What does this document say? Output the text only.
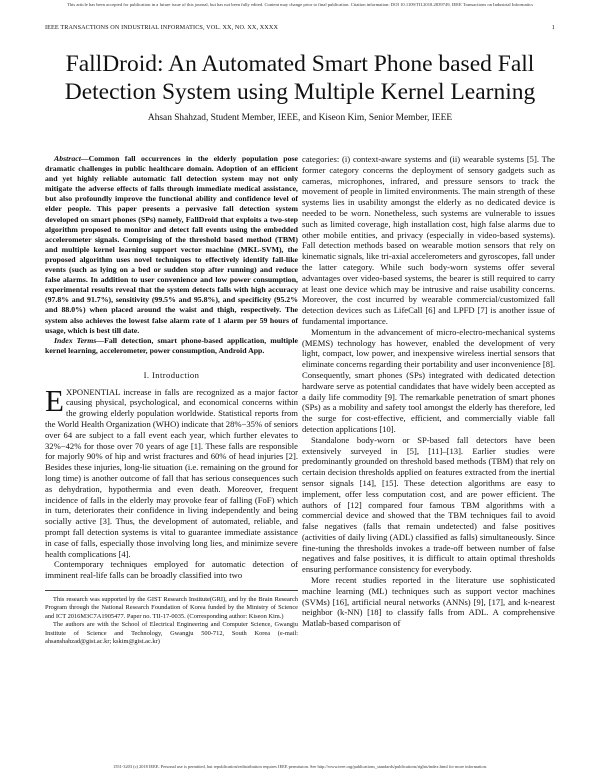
This article has been accepted for publication in a future issue of this journal, but has not been fully edited. Content may change prior to final publication. Citation information: DOI 10.1109/TII.2018.2839749, IEEE Transactions on Industrial Informatics
IEEE TRANSACTIONS ON INDUSTRIAL INFORMATICS, VOL. XX, NO. XX, XXXX	1
FallDroid: An Automated Smart Phone based Fall Detection System using Multiple Kernel Learning
Ahsan Shahzad, Student Member, IEEE, and Kiseon Kim, Senior Member, IEEE

Abstract—Common fall occurrences in the elderly population pose dramatic challenges in public healthcare domain. Adoption of an efficient and yet highly reliable automatic fall detection system may not only mitigate the adverse effects of falls through immediate medical assistance, but also profoundly improve the functional ability and confidence level of elder people. This paper presents a pervasive fall detection system developed on smart phones (SPs) namely, FallDroid that exploits a two-step algorithm proposed to monitor and detect fall events using the embedded accelerometer signals. Comprising of the threshold based method (TBM) and multiple kernel learning support vector machine (MKL-SVM), the proposed algorithm uses novel techniques to effectively identify fall-like events (such as lying on a bed or sudden stop after running) and reduce false alarms. In addition to user convenience and low power consumption, experimental results reveal that the system detects falls with high accuracy (97.8% and 91.7%), sensitivity (99.5% and 95.8%), and specificity (95.2% and 88.0%) when placed around the waist and thigh, respectively. The system also achieves the lowest false alarm rate of 1 alarm per 59 hours of usage, which is best till date.

Index Terms—Fall detection, smart phone-based application, multiple kernel learning, accelerometer, power consumption, Android App.

I. Introduction

EXPONENTIAL increase in falls are recognized as a major factor causing physical, psychological, and economical concerns within the growing elderly population worldwide. Statistical reports from the World Health Organization (WHO) indicate that 28%−35% of seniors over 64 are subject to a fall event each year, which further elevates to 32%−42% for those over 70 years of age [1]. These falls are responsible for majorly 90% of hip and wrist fractures and 60% of head injuries [2]. Besides these injuries, long-lie situation (i.e. remaining on the ground for long time) is another outcome of fall that has serious consequences such as dehydration, hypothermia and even death. Moreover, frequent incidence of falls in the elderly may provoke fear of falling (FoF) which in turn, deteriorates their confidence in living independently and being socially active [3]. Thus, the development of automated, reliable, and prompt fall detection systems is vital to guarantee immediate assistance in case of falls, especially those involving long lies, and minimize severe health complications [4].

Contemporary techniques employed for automatic detection of imminent real-life falls can be broadly classified into two

This research was supported by the GIST Research Institute(GRI), and by the Brain Research Program through the National Research Foundation of Korea funded by the Ministry of Science and ICT 2016M3C7A1905477. Paper no. TII-17-0035. (Corresponding author: Kiseon Kim.)

The authors are with the School of Electrical Engineering and Computer Science, Gwangju Institute of Science and Technology, Gwangju 500-712, South Korea (e-mail: ahsanshahzad@gist.ac.kr; kskim@gist.ac.kr)

categories: (i) context-aware systems and (ii) wearable systems [5]. The former category concerns the deployment of sensory gadgets such as cameras, microphones, infrared, and pressure sensors to track the movement of people in limited environments. The main strength of these systems lies in usability amongst the elderly as no dedicated device is needed to be worn. Nonetheless, such systems are vulnerable to issues such as limited coverage, high installation cost, high false alarms due to other mobile entities, and privacy (especially in video-based systems). Fall detection methods based on wearable motion sensors that rely on kinematic signals, like tri-axial accelerometers and gyroscopes, fall under the latter category. While such body-worn systems offer several advantages over video-based systems, the bearer is still required to carry at least one device which may be intrusive and raise usability concerns. Moreover, the cost incurred by wearable commercial/customized fall detection devices such as LifeCall [6] and LPFD [7] is another issue of fundamental importance.

Momentum in the advancement of micro-electro-mechanical systems (MEMS) technology has however, enabled the development of very light, compact, low power, and inexpensive wireless inertial sensors that eliminate concerns regarding their portability and user inconvenience [8]. Consequently, smart phones (SPs) integrated with dedicated detection hardware serve as potential candidates that have widely been accepted as a daily life commodity [9]. The remarkable penetration of smart phones (SPs) as a mobility and safety tool amongst the elderly has therefore, led the surge for cost-effective, efficient, and commercially viable fall detection applications [10].

Standalone body-worn or SP-based fall detectors have been extensively surveyed in [5], [11]–[13]. Earlier studies were predominantly grounded on threshold based methods (TBM) that rely on certain decision thresholds applied on features extracted from the inertial sensor signals [14], [15]. These detection algorithms are easy to implement, offer less computation cost, and are power efficient. The authors of [12] compared four famous TBM algorithms with a commercial device and showed that the TBM techniques fail to avoid false negatives (falls that remain undetected) and false positives (activities of daily living (ADL) classified as falls) simultaneously. Since fine-tuning the thresholds invokes a trade-off between number of false negatives and false positives, it is difficult to attain optimal thresholds ensuring performance consistency for everybody.

More recent studies reported in the literature use sophisticated machine learning (ML) techniques such as support vector machines (SVMs) [16], artificial neural networks (ANNs) [9], [17], and k-nearest neighbor (k-NN) [18] to classify falls from ADL. A comprehensive Matlab-based comparison of

1551-3203 (c) 2018 IEEE. Personal use is permitted, but republication/redistribution requires IEEE permission. See http://www.ieee.org/publications_standards/publications/rights/index.html for more information.
